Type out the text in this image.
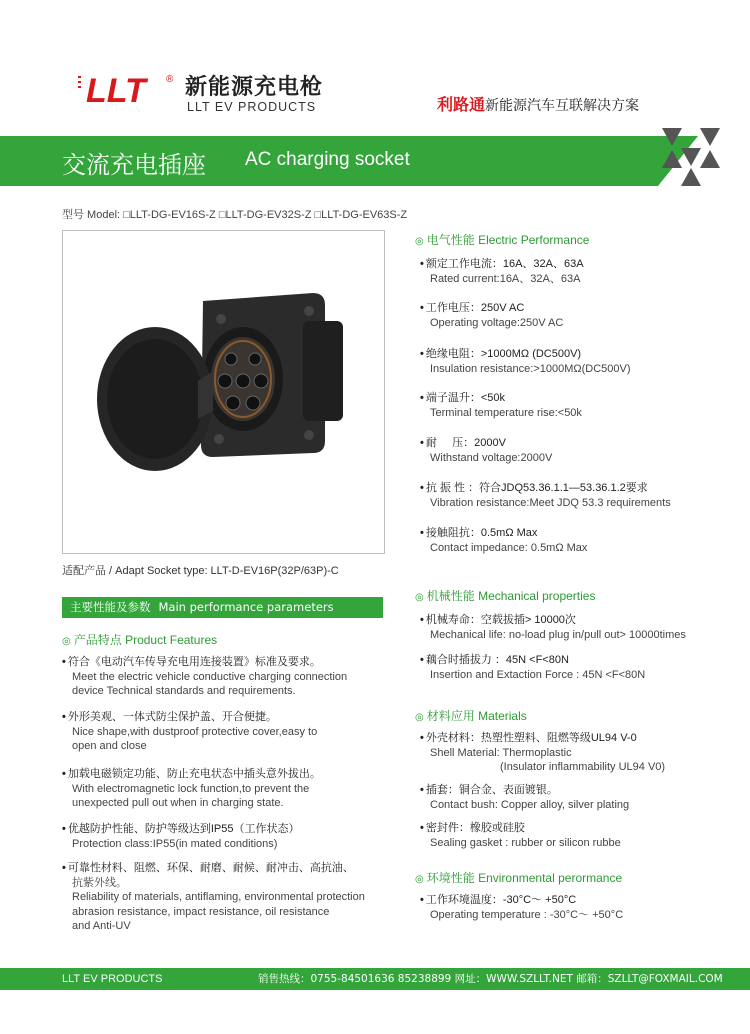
LLT	® 新能源充电枪
LLT EV PRODUCTS	利路通新能源汽车互联解决方案
交流充电插座 AC charging socket
型号 Model: □LLT-DG-EV16S-Z □LLT-DG-EV32S-Z □LLT-DG-EV63S-Z
适配产品 / Adapt Socket type: LLT-D-EV16P(32P/63P)-C
主要性能及参数 Main performance parameters
◎ 产品特点 Product Features
• 符合《电动汽车传导充电用连接装置》标准及要求。
Meet the electric vehicle conductive charging connection
device Technical standards and requirements.
• 外形美观、一体式防尘保护盖、开合便捷。
Nice shape,with dustproof protective cover,easy to
open and close
• 加载电磁锁定功能、防止充电状态中插头意外拔出。
With electromagnetic lock function,to prevent the
unexpected pull out when in charging state.
• 优越防护性能、防护等级达到IP55（工作状态）
Protection class:IP55(in mated conditions)
• 可靠性材料、阻燃、环保、耐磨、耐候、耐冲击、高抗油、
抗紫外线。
Reliability of materials, antiflaming, environmental protection
abrasion resistance, impact resistance, oil resistance
and Anti-UV
◎ 电气性能 Electric Performance
• 额定工作电流：16A、32A、63A
Rated current:16A、32A、63A
• 工作电压：250V AC
Operating voltage:250V AC
• 绝缘电阻：>1000MΩ (DC500V)
Insulation resistance:>1000MΩ(DC500V)
• 端子温升：<50k
Terminal temperature rise:<50k
• 耐     压：2000V
Withstand voltage:2000V
• 抗 振 性 ：符合JDQ53.36.1.1—53.36.1.2要求
Vibration resistance:Meet JDQ 53.3 requirements
• 接触阻抗：0.5mΩ Max
Contact impedance: 0.5mΩ Max
◎ 机械性能 Mechanical properties
• 机械寿命：空载拔插> 10000次
Mechanical life: no-load plug in/pull out> 10000times
• 藕合时插拔力 ：45N <F<80N
Insertion and Extaction Force : 45N <F<80N
◎ 材料应用 Materials
• 外壳材料：热塑性塑料、阻燃等级UL94 V-0
Shell Material: Thermoplastic
(Insulator inflammability UL94 V0)
• 插套：铜合金、表面镀银。
Contact bush: Copper alloy, silver plating
• 密封件：橡胶或硅胶
Sealing gasket : rubber or silicon rubbe
◎ 环境性能 Environmental perormance
• 工作环境温度：-30°C～ +50°C
Operating temperature : -30°C～ +50°C
LLT EV PRODUCTS	销售热线：0755-84501636 85238899 网址：WWW.SZLLT.NET 邮箱：SZLLT@FOXMAIL.COM
